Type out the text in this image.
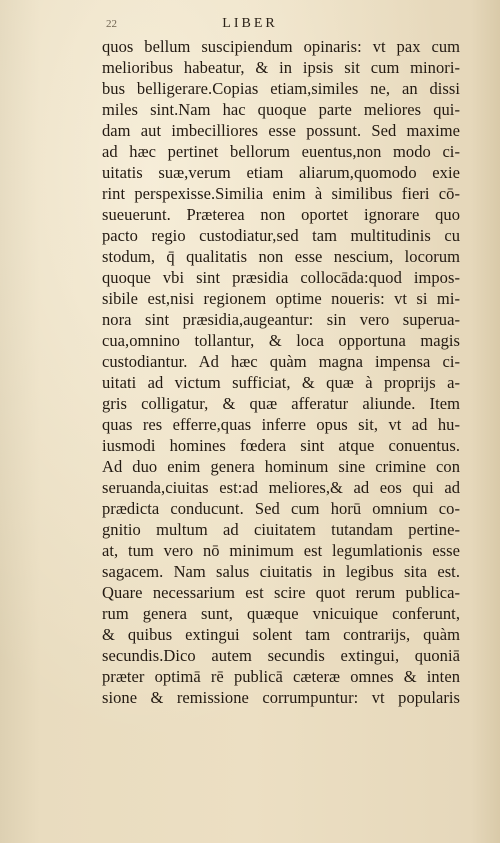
22	LIBER
quos bellum suscipiendum opinaris: vt pax cum
melioribus habeatur, & in ipsis sit cum minori-
bus belligerare.Copias etiam,similes ne, an dissi
miles sint.Nam hac quoque parte meliores qui-
dam aut imbecilliores esse possunt. Sed maxime
ad hæc pertinet bellorum euentus,non modo ci-
uitatis suæ,verum etiam aliarum,quomodo exie
rint perspexisse.Similia enim à similibus fieri cō-
sueuerunt. Præterea non oportet ignorare quo
pacto regio custodiatur,sed tam multitudinis cu
stodum, q̄ qualitatis non esse nescium, locorum
quoque vbi sint præsidia collocāda:quod impos-
sibile est,nisi regionem optime noueris: vt si mi-
nora sint præsidia,augeantur: sin vero superua-
cua,omnino tollantur, & loca opportuna magis
custodiantur. Ad hæc quàm magna impensa ci-
uitati ad victum sufficiat, & quæ à proprijs a-
gris colligatur, & quæ afferatur aliunde. Item
quas res efferre,quas inferre opus sit, vt ad hu-
iusmodi homines fœdera sint atque conuentus.
Ad duo enim genera hominum sine crimine con
seruanda,ciuitas est:ad meliores,& ad eos qui ad
prædicta conducunt. Sed cum horū omnium co-
gnitio multum ad ciuitatem tutandam pertine-
at, tum vero nō minimum est legumlationis esse
sagacem. Nam salus ciuitatis in legibus sita est.
Quare necessarium est scire quot rerum publica-
rum genera sunt, quæque vnicuique conferunt,
& quibus extingui solent tam contrarijs, quàm
secundis.Dico autem secundis extingui, quoniā
præter optimā rē publicā cæteræ omnes & inten
sione & remissione corrumpuntur: vt popularis
